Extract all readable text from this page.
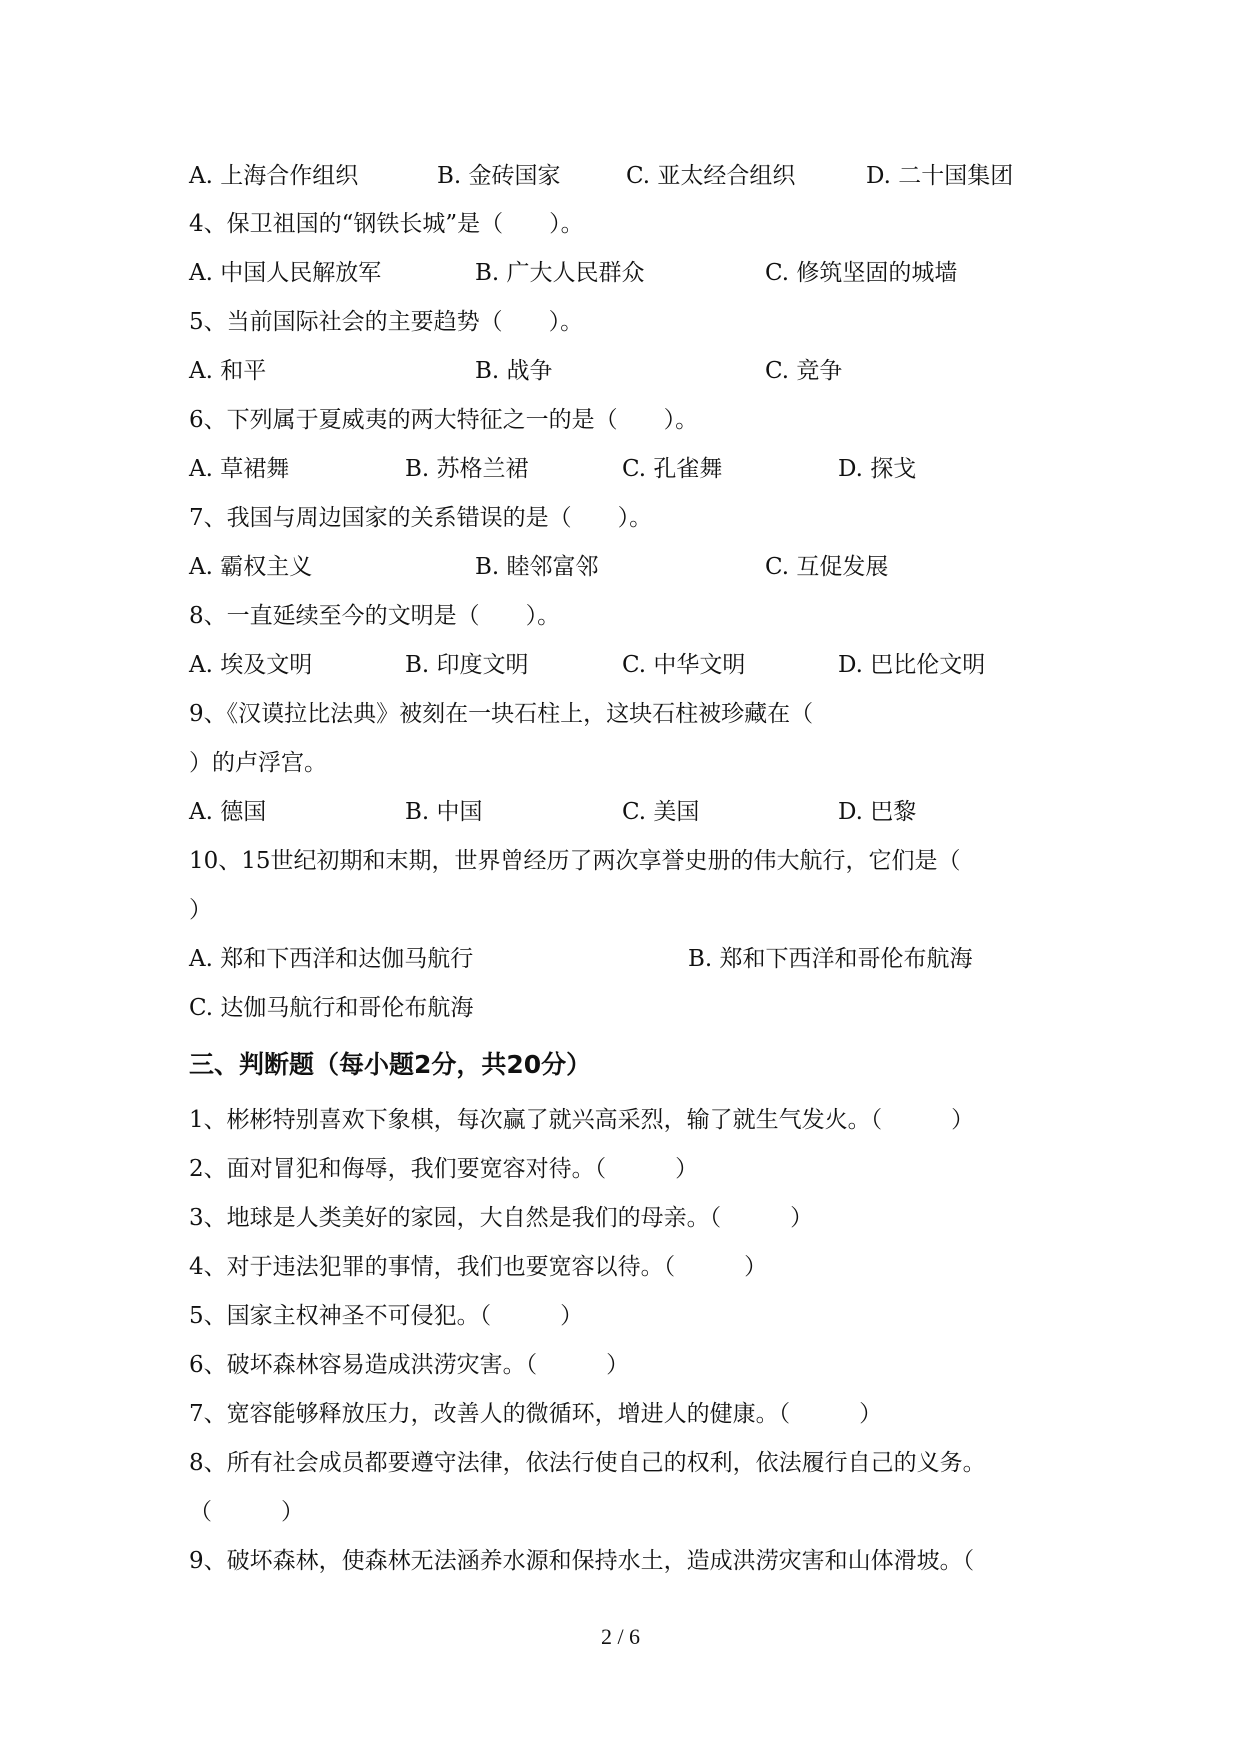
A. 上海合作组织	B. 金砖国家	C. 亚太经合组织	D. 二十国集团
4、保卫祖国的“钢铁长城”是（　　）。
A. 中国人民解放军	B. 广大人民群众	C. 修筑坚固的城墙
5、当前国际社会的主要趋势（　　）。
A. 和平	B. 战争	C. 竞争
6、下列属于夏威夷的两大特征之一的是（　　）。
A. 草裙舞	B. 苏格兰裙	C. 孔雀舞	D. 探戈
7、我国与周边国家的关系错误的是（　　）。
A. 霸权主义	B. 睦邻富邻	C. 互促发展
8、一直延续至今的文明是（　　）。
A. 埃及文明	B. 印度文明	C. 中华文明	D. 巴比伦文明
9、《汉谟拉比法典》被刻在一块石柱上，这块石柱被珍藏在（
）的卢浮宫。
A. 德国	B. 中国	C. 美国	D. 巴黎
10、15世纪初期和末期，世界曾经历了两次享誉史册的伟大航行，它们是（
）
A. 郑和下西洋和达伽马航行	B. 郑和下西洋和哥伦布航海
C. 达伽马航行和哥伦布航海
三、判断题（每小题2分，共20分）
1、彬彬特别喜欢下象棋，每次赢了就兴高采烈，输了就生气发火。（　　　）
2、面对冒犯和侮辱，我们要宽容对待。（　　　）
3、地球是人类美好的家园，大自然是我们的母亲。（　　　）
4、对于违法犯罪的事情，我们也要宽容以待。（　　　）
5、国家主权神圣不可侵犯。（　　　）
6、破坏森林容易造成洪涝灾害。（　　　）
7、宽容能够释放压力，改善人的微循环，增进人的健康。（　　　）
8、所有社会成员都要遵守法律，依法行使自己的权利，依法履行自己的义务。
（　　　）
9、破坏森林，使森林无法涵养水源和保持水土，造成洪涝灾害和山体滑坡。（
2 / 6
